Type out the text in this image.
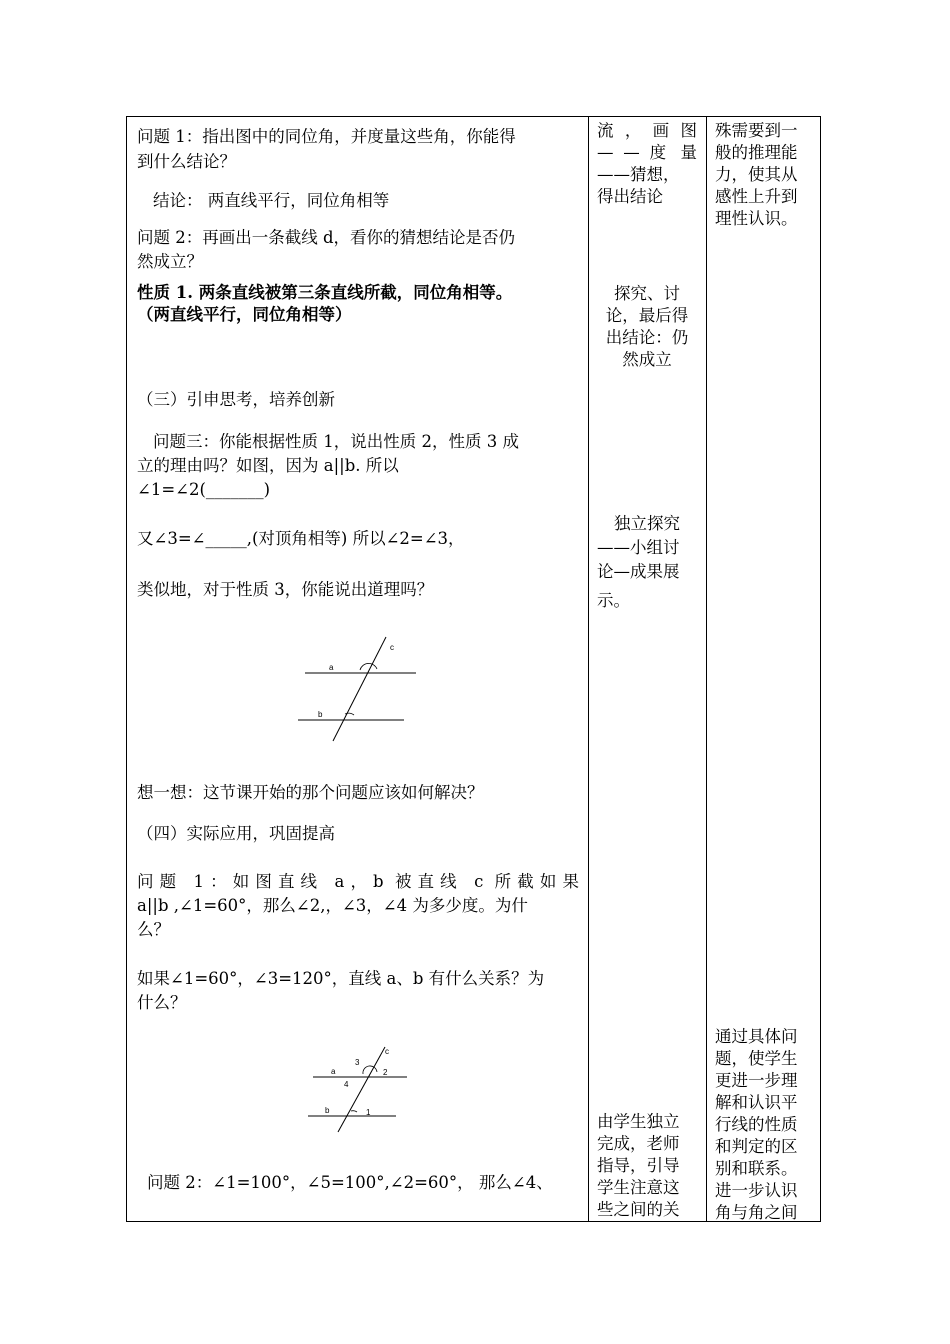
问题 1：指出图中的同位角，并度量这些角，你能得

到什么结论？

结论： 两直线平行，同位角相等

问题 2：再画出一条截线 d，看你的猜想结论是否仍

然成立？

性质 1. 两条直线被第三条直线所截，同位角相等。

（两直线平行，同位角相等）

（三）引申思考，培养创新

问题三：你能根据性质 1，说出性质 2，性质 3 成

立的理由吗？如图，因为 a||b. 所以

∠1=∠2(_______)

又∠3=∠_____,(对顶角相等) 所以∠2=∠3，

类似地，对于性质 3，你能说出道理吗？

a
b
c

想一想：这节课开始的那个问题应该如何解决？

（四）实际应用，巩固提高

问题 1：如图直线 a，b 被直线 c 所截如果

a||b ,∠1=60°，那么∠2,，∠3，∠4 为多少度。为什

么？

如果∠1=60°，∠3=120°，直线 a、b 有什么关系？为

什么？

a
b
c
3
2
4
1

问题 2：∠1=100°，∠5=100°,∠2=60°， 那么∠4、

流 ， 画 图

— — 度 量

——猜想，

得出结论

探究、讨

论，最后得

出结论：仍

然成立

独立探究

——小组讨

论—成果展

示。

由学生独立

完成，老师

指导，引导

学生注意这

些之间的关

殊需要到一

般的推理能

力，使其从

感性上升到

理性认识。

通过具体问

题，使学生

更进一步理

解和认识平

行线的性质

和判定的区

别和联系。

进一步认识

角与角之间
